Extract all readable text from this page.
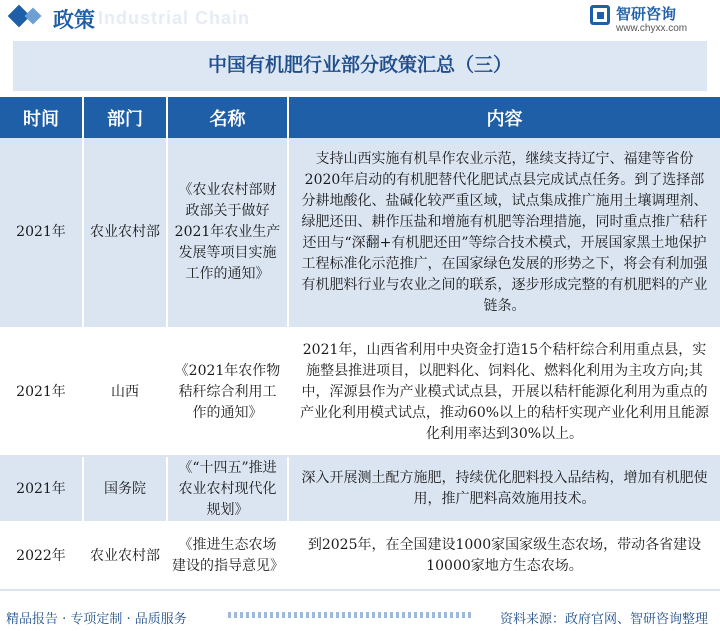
政策 Industrial Chain	智研咨询
www.chyxx.com
中国有机肥行业部分政策汇总（三）
时间	部门	名称	内容
2021年	农业农村部	《农业农村部财政部关于做好2021年农业生产发展等项目实施工作的通知》	支持山西实施有机旱作农业示范，继续支持辽宁、福建等省份2020年启动的有机肥替代化肥试点县完成试点任务。到了选择部分耕地酸化、盐碱化较严重区域，试点集成推广施用土壤调理剂、绿肥还田、耕作压盐和增施有机肥等治理措施，同时重点推广秸秆还田与“深翻+有机肥还田”等综合技术模式，开展国家黑土地保护工程标准化示范推广，在国家绿色发展的形势之下，将会有利加强有机肥料行业与农业之间的联系，逐步形成完整的有机肥料的产业链条。
2021年	山西	《2021年农作物秸秆综合利用工作的通知》	2021年，山西省利用中央资金打造15个秸杆综合利用重点县，实施整县推进项目，以肥料化、饲料化、燃料化利用为主攻方向;其中，浑源县作为产业模式试点县，开展以秸杆能源化利用为重点的产业化利用模式试点，推动60%以上的秸杆实现产业化利用且能源化利用率达到30%以上。
2021年	国务院	《“十四五”推进农业农村现代化规划》	深入开展测土配方施肥，持续优化肥料投入品结构，增加有机肥使用，推广肥料高效施用技术。
2022年	农业农村部	《推进生态农场建设的指导意见》	到2025年，在全国建设1000家国家级生态农场，带动各省建设10000家地方生态农场。
精品报告 · 专项定制 · 品质服务	资料来源：政府官网、智研咨询整理
